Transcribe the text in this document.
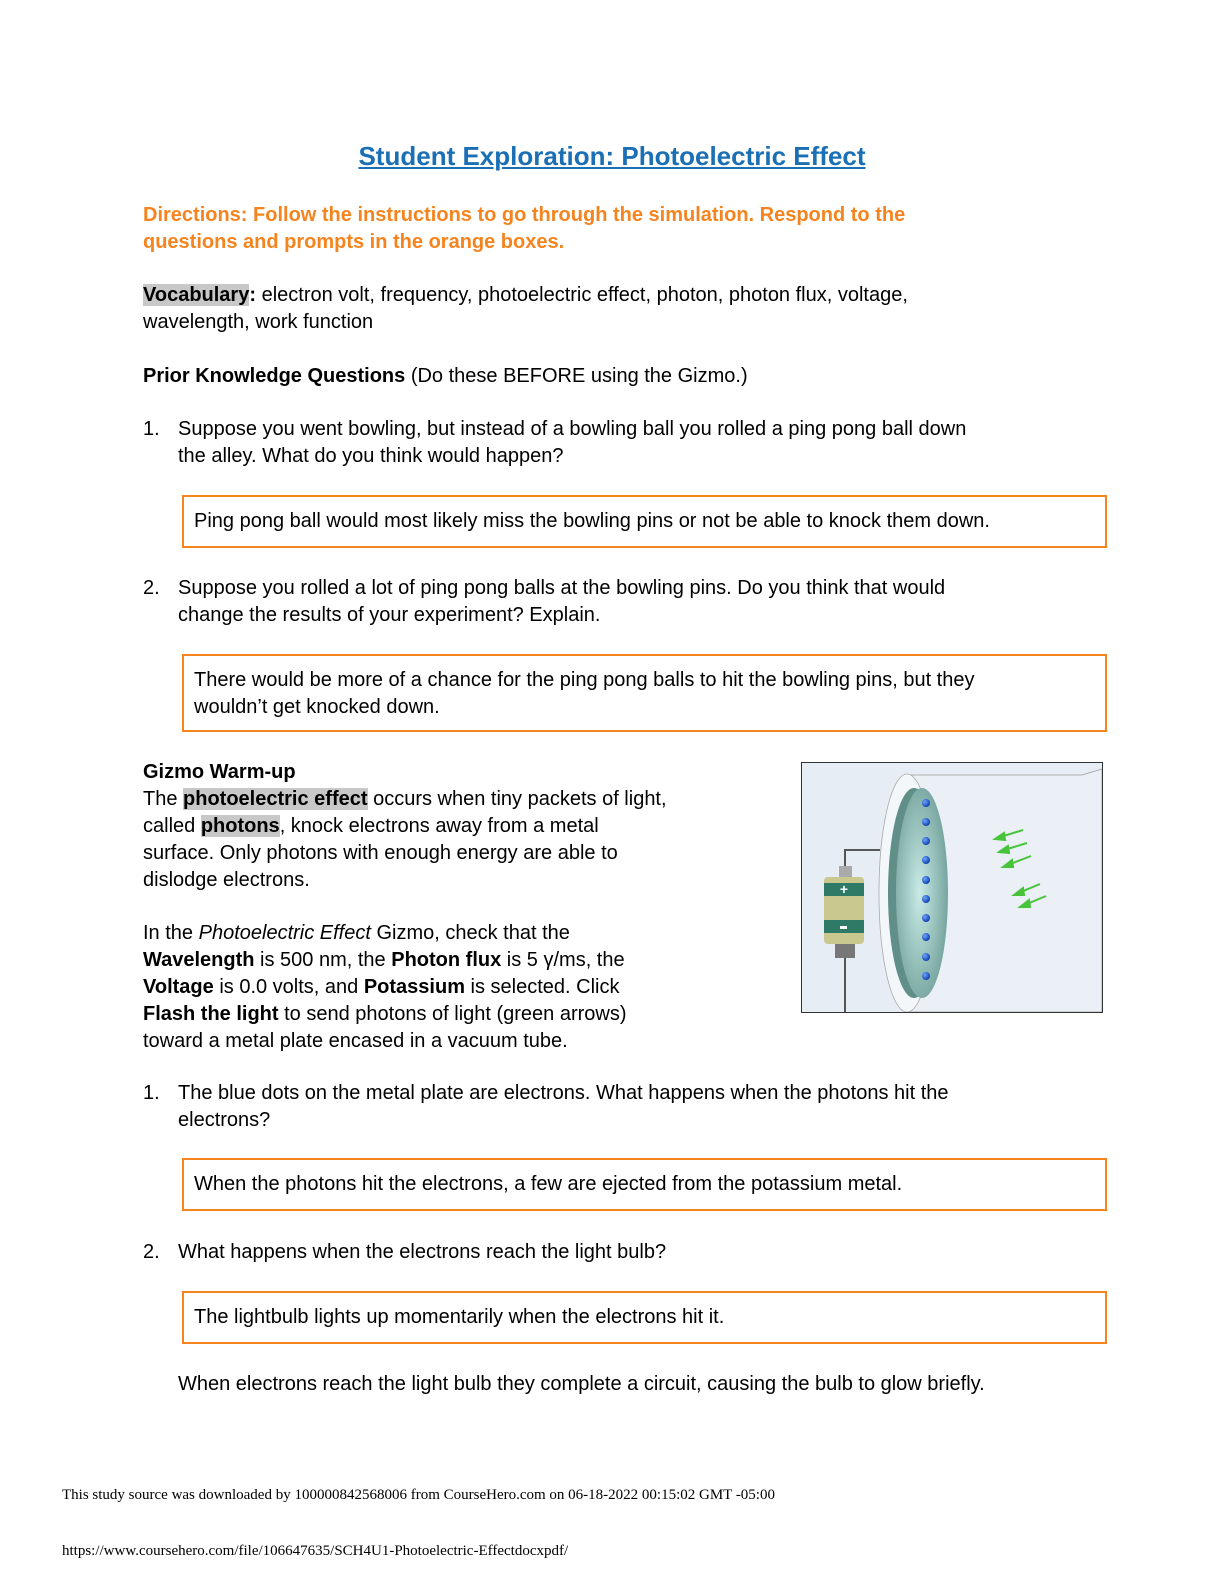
Student Exploration: Photoelectric Effect
Directions: Follow the instructions to go through the simulation. Respond to the
questions and prompts in the orange boxes.
Vocabulary: electron volt, frequency, photoelectric effect, photon, photon flux, voltage,
wavelength, work function
Prior Knowledge Questions (Do these BEFORE using the Gizmo.)
1. Suppose you went bowling, but instead of a bowling ball you rolled a ping pong ball down
the alley. What do you think would happen?
Ping pong ball would most likely miss the bowling pins or not be able to knock them down.
2. Suppose you rolled a lot of ping pong balls at the bowling pins. Do you think that would
change the results of your experiment? Explain.
There would be more of a chance for the ping pong balls to hit the bowling pins, but they wouldn’t get knocked down.
Gizmo Warm-up
The photoelectric effect occurs when tiny packets of light,
called photons, knock electrons away from a metal
surface. Only photons with enough energy are able to
dislodge electrons.
In the Photoelectric Effect Gizmo, check that the
Wavelength is 500 nm, the Photon flux is 5 γ/ms, the
Voltage is 0.0 volts, and Potassium is selected. Click
Flash the light to send photons of light (green arrows)
toward a metal plate encased in a vacuum tube.
+
1. The blue dots on the metal plate are electrons. What happens when the photons hit the
electrons?
When the photons hit the electrons, a few are ejected from the potassium metal.
2. What happens when the electrons reach the light bulb?
The lightbulb lights up momentarily when the electrons hit it.
When electrons reach the light bulb they complete a circuit, causing the bulb to glow briefly.
This study source was downloaded by 100000842568006 from CourseHero.com on 06-18-2022 00:15:02 GMT -05:00
https://www.coursehero.com/file/106647635/SCH4U1-Photoelectric-Effectdocxpdf/
